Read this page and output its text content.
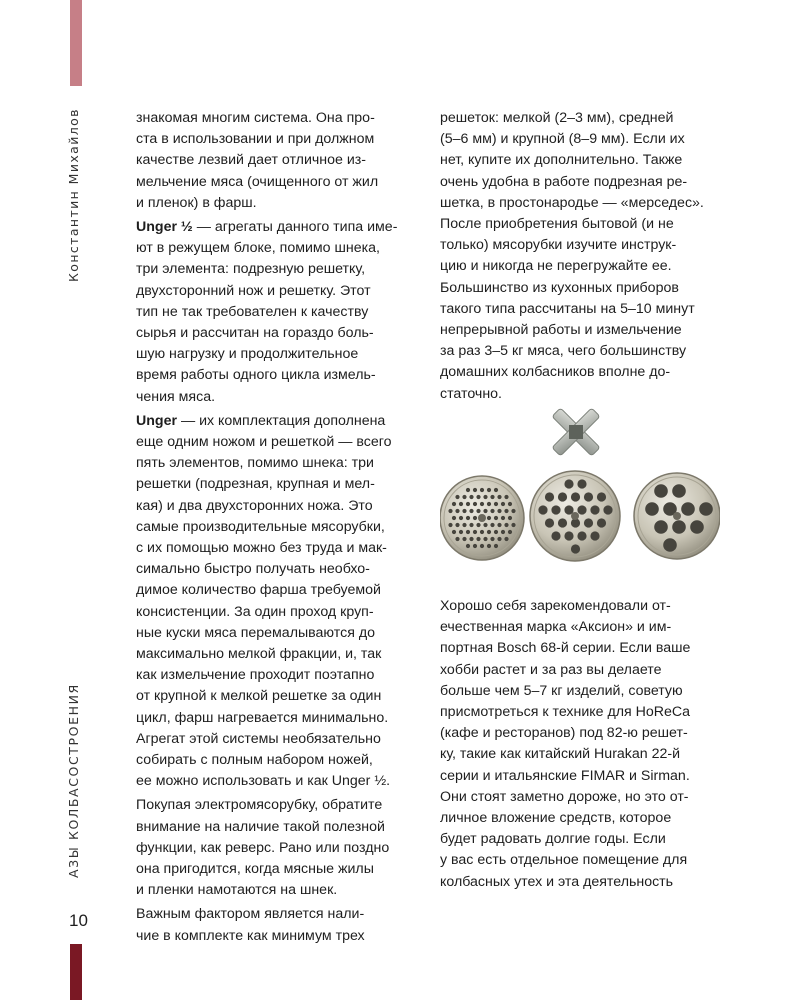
Константин Михайлов
АЗЫ КОЛБАСОСТРОЕНИЯ
10
знакомая многим система. Она про-
ста в использовании и при должном
качестве лезвий дает отличное из-
мельчение мяса (очищенного от жил
и пленок) в фарш.
Unger ½ — агрегаты данного типа име-
ют в режущем блоке, помимо шнека,
три элемента: подрезную решетку,
двухсторонний нож и решетку. Этот
тип не так требователен к качеству
сырья и рассчитан на гораздо боль-
шую нагрузку и продолжительное
время работы одного цикла измель-
чения мяса.
Unger — их комплектация дополнена
еще одним ножом и решеткой — всего
пять элементов, помимо шнека: три
решетки (подрезная, крупная и мел-
кая) и два двухсторонних ножа. Это
самые производительные мясорубки,
с их помощью можно без труда и мак-
симально быстро получать необхо-
димое количество фарша требуемой
консистенции. За один проход круп-
ные куски мяса перемалываются до
максимально мелкой фракции, и, так
как измельчение проходит поэтапно
от крупной к мелкой решетке за один
цикл, фарш нагревается минимально.
Агрегат этой системы необязательно
собирать с полным набором ножей,
ее можно использовать и как Unger ½.
Покупая электромясорубку, обратите
внимание на наличие такой полезной
функции, как реверс. Рано или поздно
она пригодится, когда мясные жилы
и пленки намотаются на шнек.
Важным фактором является нали-
чие в комплекте как минимум трех
решеток: мелкой (2–3 мм), средней
(5–6 мм) и крупной (8–9 мм). Если их
нет, купите их дополнительно. Также
очень удобна в работе подрезная ре-
шетка, в простонародье — «мерседес».
После приобретения бытовой (и не
только) мясорубки изучите инструк-
цию и никогда не перегружайте ее.
Большинство из кухонных приборов
такого типа рассчитаны на 5–10 минут
непрерывной работы и измельчение
за раз 3–5 кг мяса, чего большинству
домашних колбасников вполне до-
статочно.
Хорошо себя зарекомендовали от-
ечественная марка «Аксион» и им-
портная Bosch 68-й серии. Если ваше
хобби растет и за раз вы делаете
больше чем 5–7 кг изделий, советую
присмотреться к технике для HoReCa
(кафе и ресторанов) под 82-ю решет-
ку, такие как китайский Hurakan 22-й
серии и итальянские FIMAR и Sirman.
Они стоят заметно дороже, но это от-
личное вложение средств, которое
будет радовать долгие годы. Если
у вас есть отдельное помещение для
колбасных утех и эта деятельность
